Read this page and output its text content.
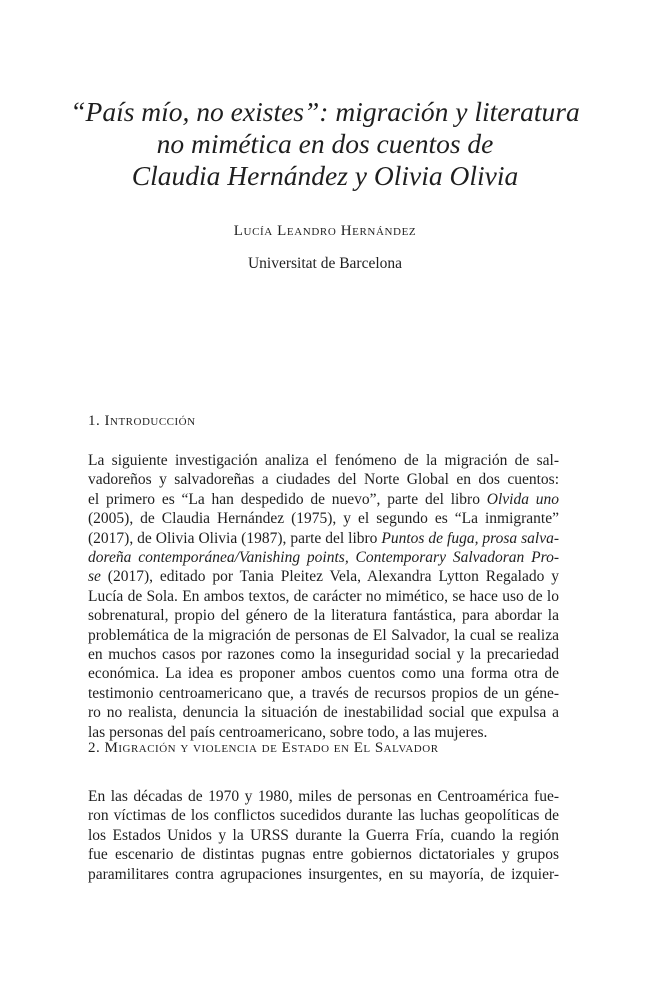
“País mío, no existes”: migración y literatura
no mimética en dos cuentos de
Claudia Hernández y Olivia Olivia
Lucía Leandro Hernández
Universitat de Barcelona
1. Introducción
La siguiente investigación analiza el fenómeno de la migración de sal-
vadoreños y salvadoreñas a ciudades del Norte Global en dos cuentos:
el primero es “La han despedido de nuevo”, parte del libro Olvida uno
(2005), de Claudia Hernández (1975), y el segundo es “La inmigrante”
(2017), de Olivia Olivia (1987), parte del libro Puntos de fuga, prosa salva-
doreña contemporánea/Vanishing points, Contemporary Salvadoran Pro-
se (2017), editado por Tania Pleitez Vela, Alexandra Lytton Regalado y
Lucía de Sola. En ambos textos, de carácter no mimético, se hace uso de lo
sobrenatural, propio del género de la literatura fantástica, para abordar la
problemática de la migración de personas de El Salvador, la cual se realiza
en muchos casos por razones como la inseguridad social y la precariedad
económica. La idea es proponer ambos cuentos como una forma otra de
testimonio centroamericano que, a través de recursos propios de un géne-
ro no realista, denuncia la situación de inestabilidad social que expulsa a
las personas del país centroamericano, sobre todo, a las mujeres.
2. Migración y violencia de Estado en El Salvador
En las décadas de 1970 y 1980, miles de personas en Centroamérica fue-
ron víctimas de los conflictos sucedidos durante las luchas geopolíticas de
los Estados Unidos y la URSS durante la Guerra Fría, cuando la región
fue escenario de distintas pugnas entre gobiernos dictatoriales y grupos
paramilitares contra agrupaciones insurgentes, en su mayoría, de izquier-
